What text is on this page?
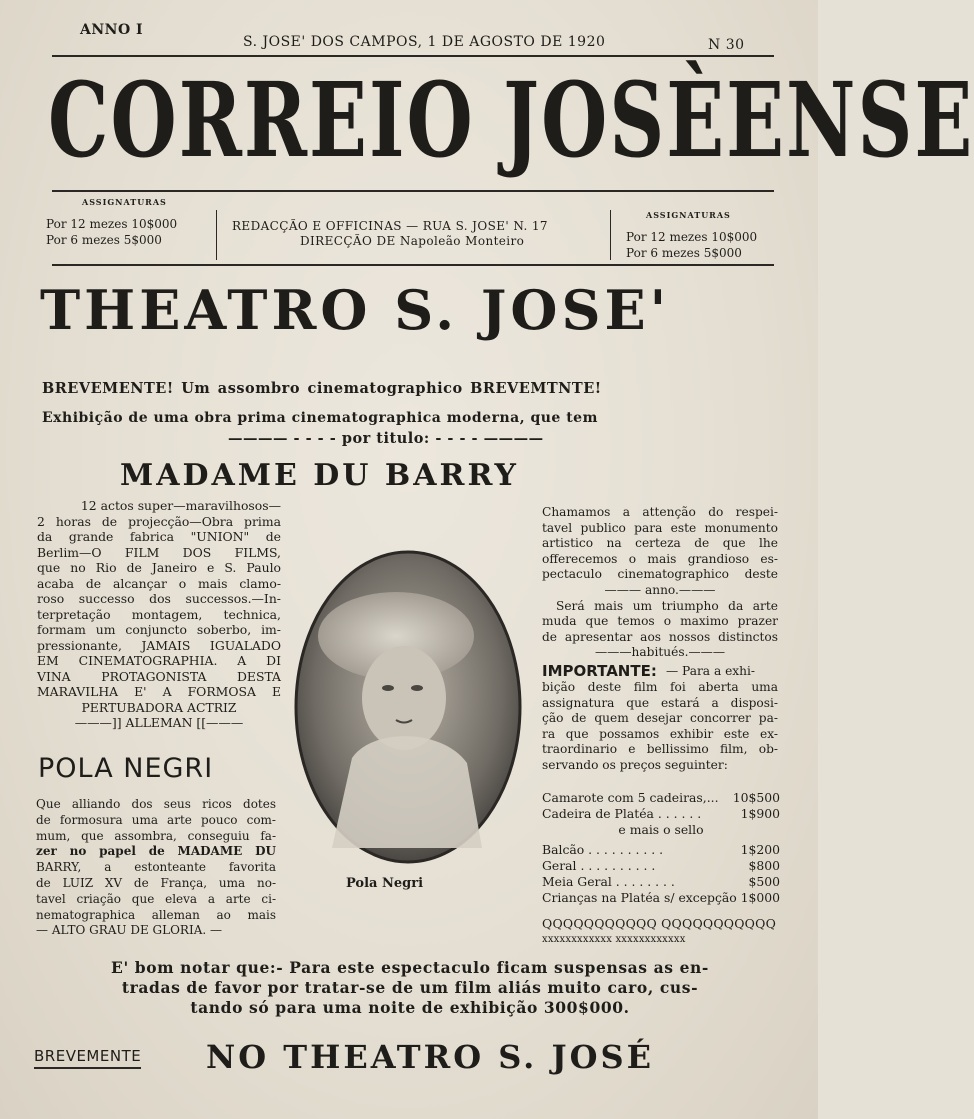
ANNO I
S. JOSE' DOS CAMPOS, 1 DE AGOSTO DE 1920	N 30
CORREIO JOSÈENSE
ASSIGNATURAS
Por 12 mezes 10$000
Por 6 mezes 5$000
REDACÇÃO E OFFICINAS — RUA S. JOSE' N. 17
DIRECÇÃO DE Napoleão Monteiro
ASSIGNATURAS
Por 12 mezes 10$000
Por 6 mezes 5$000
THEATRO S. JOSE'
BREVEMENTE! Um assombro cinematographico BREVEMTNTE!
Exhibição de uma obra prima cinematographica moderna, que tem
———— - - - - por titulo: - - - - ————
MADAME DU BARRY

12 actos super—maravilhosos—

2 horas de projecção—Obra prima

da grande fabrica "UNION" de

Berlim—O FILM DOS FILMS,

que no Rio de Janeiro e S. Paulo

acaba de alcançar o mais clamo-

roso successo dos successos.—In-

terpretação montagem, technica,

formam um conjuncto soberbo, im-

pressionante, JAMAIS IGUALADO

EM CINEMATOGRAPHIA. A DI

VINA PROTAGONISTA DESTA

MARAVILHA E' A FORMOSA E

PERTUBADORA ACTRIZ

———]] ALLEMAN [[———

POLA NEGRI

Que alliando dos seus ricos dotes

de formosura uma arte pouco com-

mum, que assombra, conseguiu fa-

zer no papel de MADAME DU

BARRY, a estonteante favorita

de LUIZ XV de França, uma no-

tavel criação que eleva a arte ci-

nematographica alleman ao mais

— ALTO GRAU DE GLORIA. —

Pola Negri

Chamamos a attenção do respei-

tavel publico para este monumento

artistico na certeza de que lhe

offerecemos o mais grandioso es-

pectaculo cinematographico deste

——— anno.———

Será mais um triumpho da arte

muda que temos o maximo prazer

de apresentar aos nossos distinctos

———habitués.———

IMPORTANTE: — Para a exhi-

bição deste film foi aberta uma

assignatura que estará a disposi-

ção de quem desejar concorrer pa-

ra que possamos exhibir este ex-

traordinario e bellissimo film, ob-

servando os preços seguinter:

Camarote com 5 cadeiras,... 10$500
Cadeira de Platéa . . . . . .	1$900
e mais o sello
Balcão . . . . . . . . . .	1$200
Geral . . . . . . . . . .	$800
Meia Geral . . . . . . . .	$500
Crianças na Platéa s/ excepção 1$000
QQQQQQQQQQQ QQQQQQQQQQQ
xxxxxxxxxxxx xxxxxxxxxxxx
E' bom notar que:- Para este espectaculo ficam suspensas as en-
tradas de favor por tratar-se de um film aliás muito caro, cus-
tando só para uma noite de exhibição 300$000.
BREVEMENTE NO THEATRO S. JOSÉ
